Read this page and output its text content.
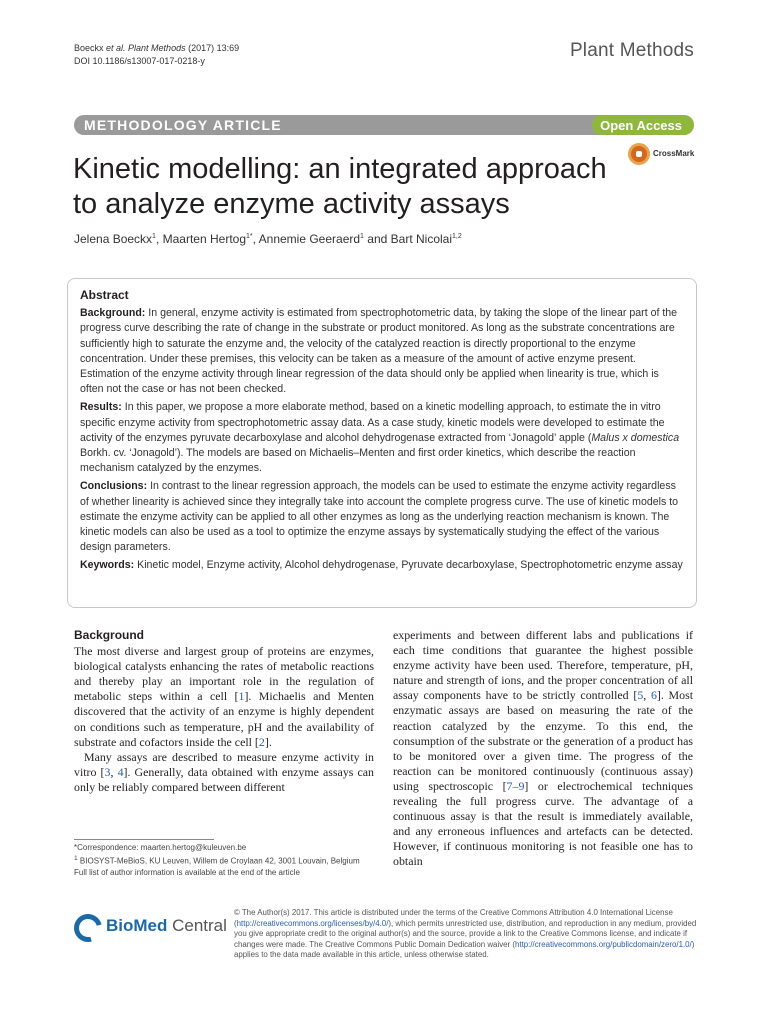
Boeckx et al. Plant Methods (2017) 13:69
DOI 10.1186/s13007-017-0218-y	Plant Methods
METHODOLOGY ARTICLE	Open Access
Kinetic modelling: an integrated approach to analyze enzyme activity assays
CrossMark
Jelena Boeckx$^1$, Maarten Hertog$^{1*}$, Annemie Geeraerd$^1$ and Bart Nicolai$^{1,2}$
Abstract

Background: In general, enzyme activity is estimated from spectrophotometric data, by taking the slope of the linear part of the progress curve describing the rate of change in the substrate or product monitored. As long as the substrate concentrations are sufficiently high to saturate the enzyme and, the velocity of the catalyzed reaction is directly proportional to the enzyme concentration. Under these premises, this velocity can be taken as a measure of the amount of active enzyme present. Estimation of the enzyme activity through linear regression of the data should only be applied when linearity is true, which is often not the case or has not been checked.

Results: In this paper, we propose a more elaborate method, based on a kinetic modelling approach, to estimate the in vitro specific enzyme activity from spectrophotometric assay data. As a case study, kinetic models were developed to estimate the activity of the enzymes pyruvate decarboxylase and alcohol dehydrogenase extracted from ‘Jonagold’ apple (Malus x domestica Borkh. cv. ‘Jonagold’). The models are based on Michaelis–Menten and first order kinetics, which describe the reaction mechanism catalyzed by the enzymes.

Conclusions: In contrast to the linear regression approach, the models can be used to estimate the enzyme activity regardless of whether linearity is achieved since they integrally take into account the complete progress curve. The use of kinetic models to estimate the enzyme activity can be applied to all other enzymes as long as the underlying reaction mechanism is known. The kinetic models can also be used as a tool to optimize the enzyme assays by systematically studying the effect of the various design parameters.

Keywords: Kinetic model, Enzyme activity, Alcohol dehydrogenase, Pyruvate decarboxylase, Spectrophotometric enzyme assay

Background

The most diverse and largest group of proteins are enzymes, biological catalysts enhancing the rates of metabolic reactions and thereby play an important role in the regulation of metabolic steps within a cell [1]. Michaelis and Menten discovered that the activity of an enzyme is highly dependent on conditions such as temperature, pH and the availability of substrate and cofactors inside the cell [2].

Many assays are described to measure enzyme activity in vitro [3, 4]. Generally, data obtained with enzyme assays can only be reliably compared between different

experiments and between different labs and publications if each time conditions that guarantee the highest possible enzyme activity have been used. Therefore, temperature, pH, nature and strength of ions, and the proper concentration of all assay components have to be strictly controlled [5, 6]. Most enzymatic assays are based on measuring the rate of the reaction catalyzed by the enzyme. To this end, the consumption of the substrate or the generation of a product has to be monitored over a given time. The progress of the reaction can be monitored continuously (continuous assay) using spectroscopic [7–9] or electrochemical techniques revealing the full progress curve. The advantage of a continuous assay is that the result is immediately available, and any erroneous influences and artefacts can be detected. However, if continuous monitoring is not feasible one has to obtain

*Correspondence: maarten.hertog@kuleuven.be
$^1$ BIOSYST-MeBioS, KU Leuven, Willem de Croylaan 42, 3001 Louvain, Belgium
Full list of author information is available at the end of the article
BioMed Central
© The Author(s) 2017. This article is distributed under the terms of the Creative Commons Attribution 4.0 International License (http://creativecommons.org/licenses/by/4.0/), which permits unrestricted use, distribution, and reproduction in any medium, provided you give appropriate credit to the original author(s) and the source, provide a link to the Creative Commons license, and indicate if changes were made. The Creative Commons Public Domain Dedication waiver (http://creativecommons.org/publicdomain/zero/1.0/) applies to the data made available in this article, unless otherwise stated.
